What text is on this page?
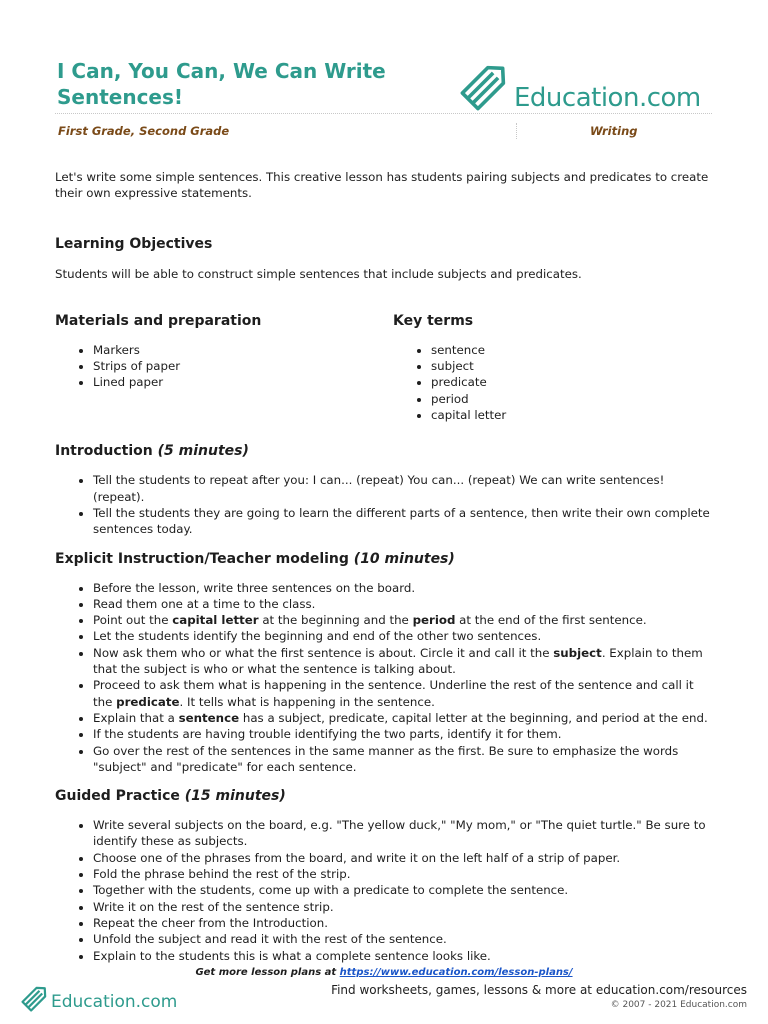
I Can, You Can, We Can Write Sentences!	Education.com
First Grade, Second Grade	Writing

Let's write some simple sentences. This creative lesson has students pairing subjects and predicates to create their own expressive statements.

Learning Objectives

Students will be able to construct simple sentences that include subjects and predicates.

Materials and preparation
• Markers
• Strips of paper
• Lined paper
Key terms
• sentence
• subject
• predicate
• period
• capital letter
Introduction (5 minutes)
• Tell the students to repeat after you: I can... (repeat) You can... (repeat) We can write sentences! (repeat).
• Tell the students they are going to learn the different parts of a sentence, then write their own complete sentences today.
Explicit Instruction/Teacher modeling (10 minutes)
• Before the lesson, write three sentences on the board.
• Read them one at a time to the class.
• Point out the capital letter at the beginning and the period at the end of the first sentence.
• Let the students identify the beginning and end of the other two sentences.
• Now ask them who or what the first sentence is about. Circle it and call it the subject. Explain to them that the subject is who or what the sentence is talking about.
• Proceed to ask them what is happening in the sentence. Underline the rest of the sentence and call it the predicate. It tells what is happening in the sentence.
• Explain that a sentence has a subject, predicate, capital letter at the beginning, and period at the end.
• If the students are having trouble identifying the two parts, identify it for them.
• Go over the rest of the sentences in the same manner as the first. Be sure to emphasize the words "subject" and "predicate" for each sentence.
Guided Practice (15 minutes)
• Write several subjects on the board, e.g. "The yellow duck," "My mom," or "The quiet turtle." Be sure to identify these as subjects.
• Choose one of the phrases from the board, and write it on the left half of a strip of paper.
• Fold the phrase behind the rest of the strip.
• Together with the students, come up with a predicate to complete the sentence.
• Write it on the rest of the sentence strip.
• Repeat the cheer from the Introduction.
• Unfold the subject and read it with the rest of the sentence.
• Explain to the students this is what a complete sentence looks like.
Get more lesson plans at https://www.education.com/lesson-plans/
Education.com
Find worksheets, games, lessons & more at education.com/resources
© 2007 - 2021 Education.com
